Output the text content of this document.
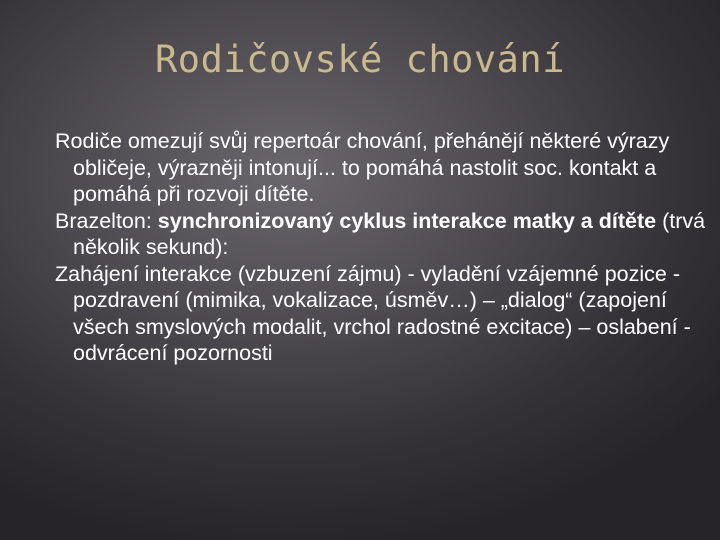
Rodičovské chování

Rodiče omezují svůj repertoár chování, přehánějí některé výrazy obličeje, výrazněji intonují... to pomáhá nastolit soc. kontakt a pomáhá při rozvoji dítěte.

Brazelton: synchronizovaný cyklus interakce matky a dítěte (trvá několik sekund):

Zahájení interakce (vzbuzení zájmu) - vyladění vzájemné pozice - pozdravení (mimika, vokalizace, úsměv…) – „dialog“ (zapojení všech smyslových modalit, vrchol radostné excitace) – oslabení - odvrácení pozornosti
